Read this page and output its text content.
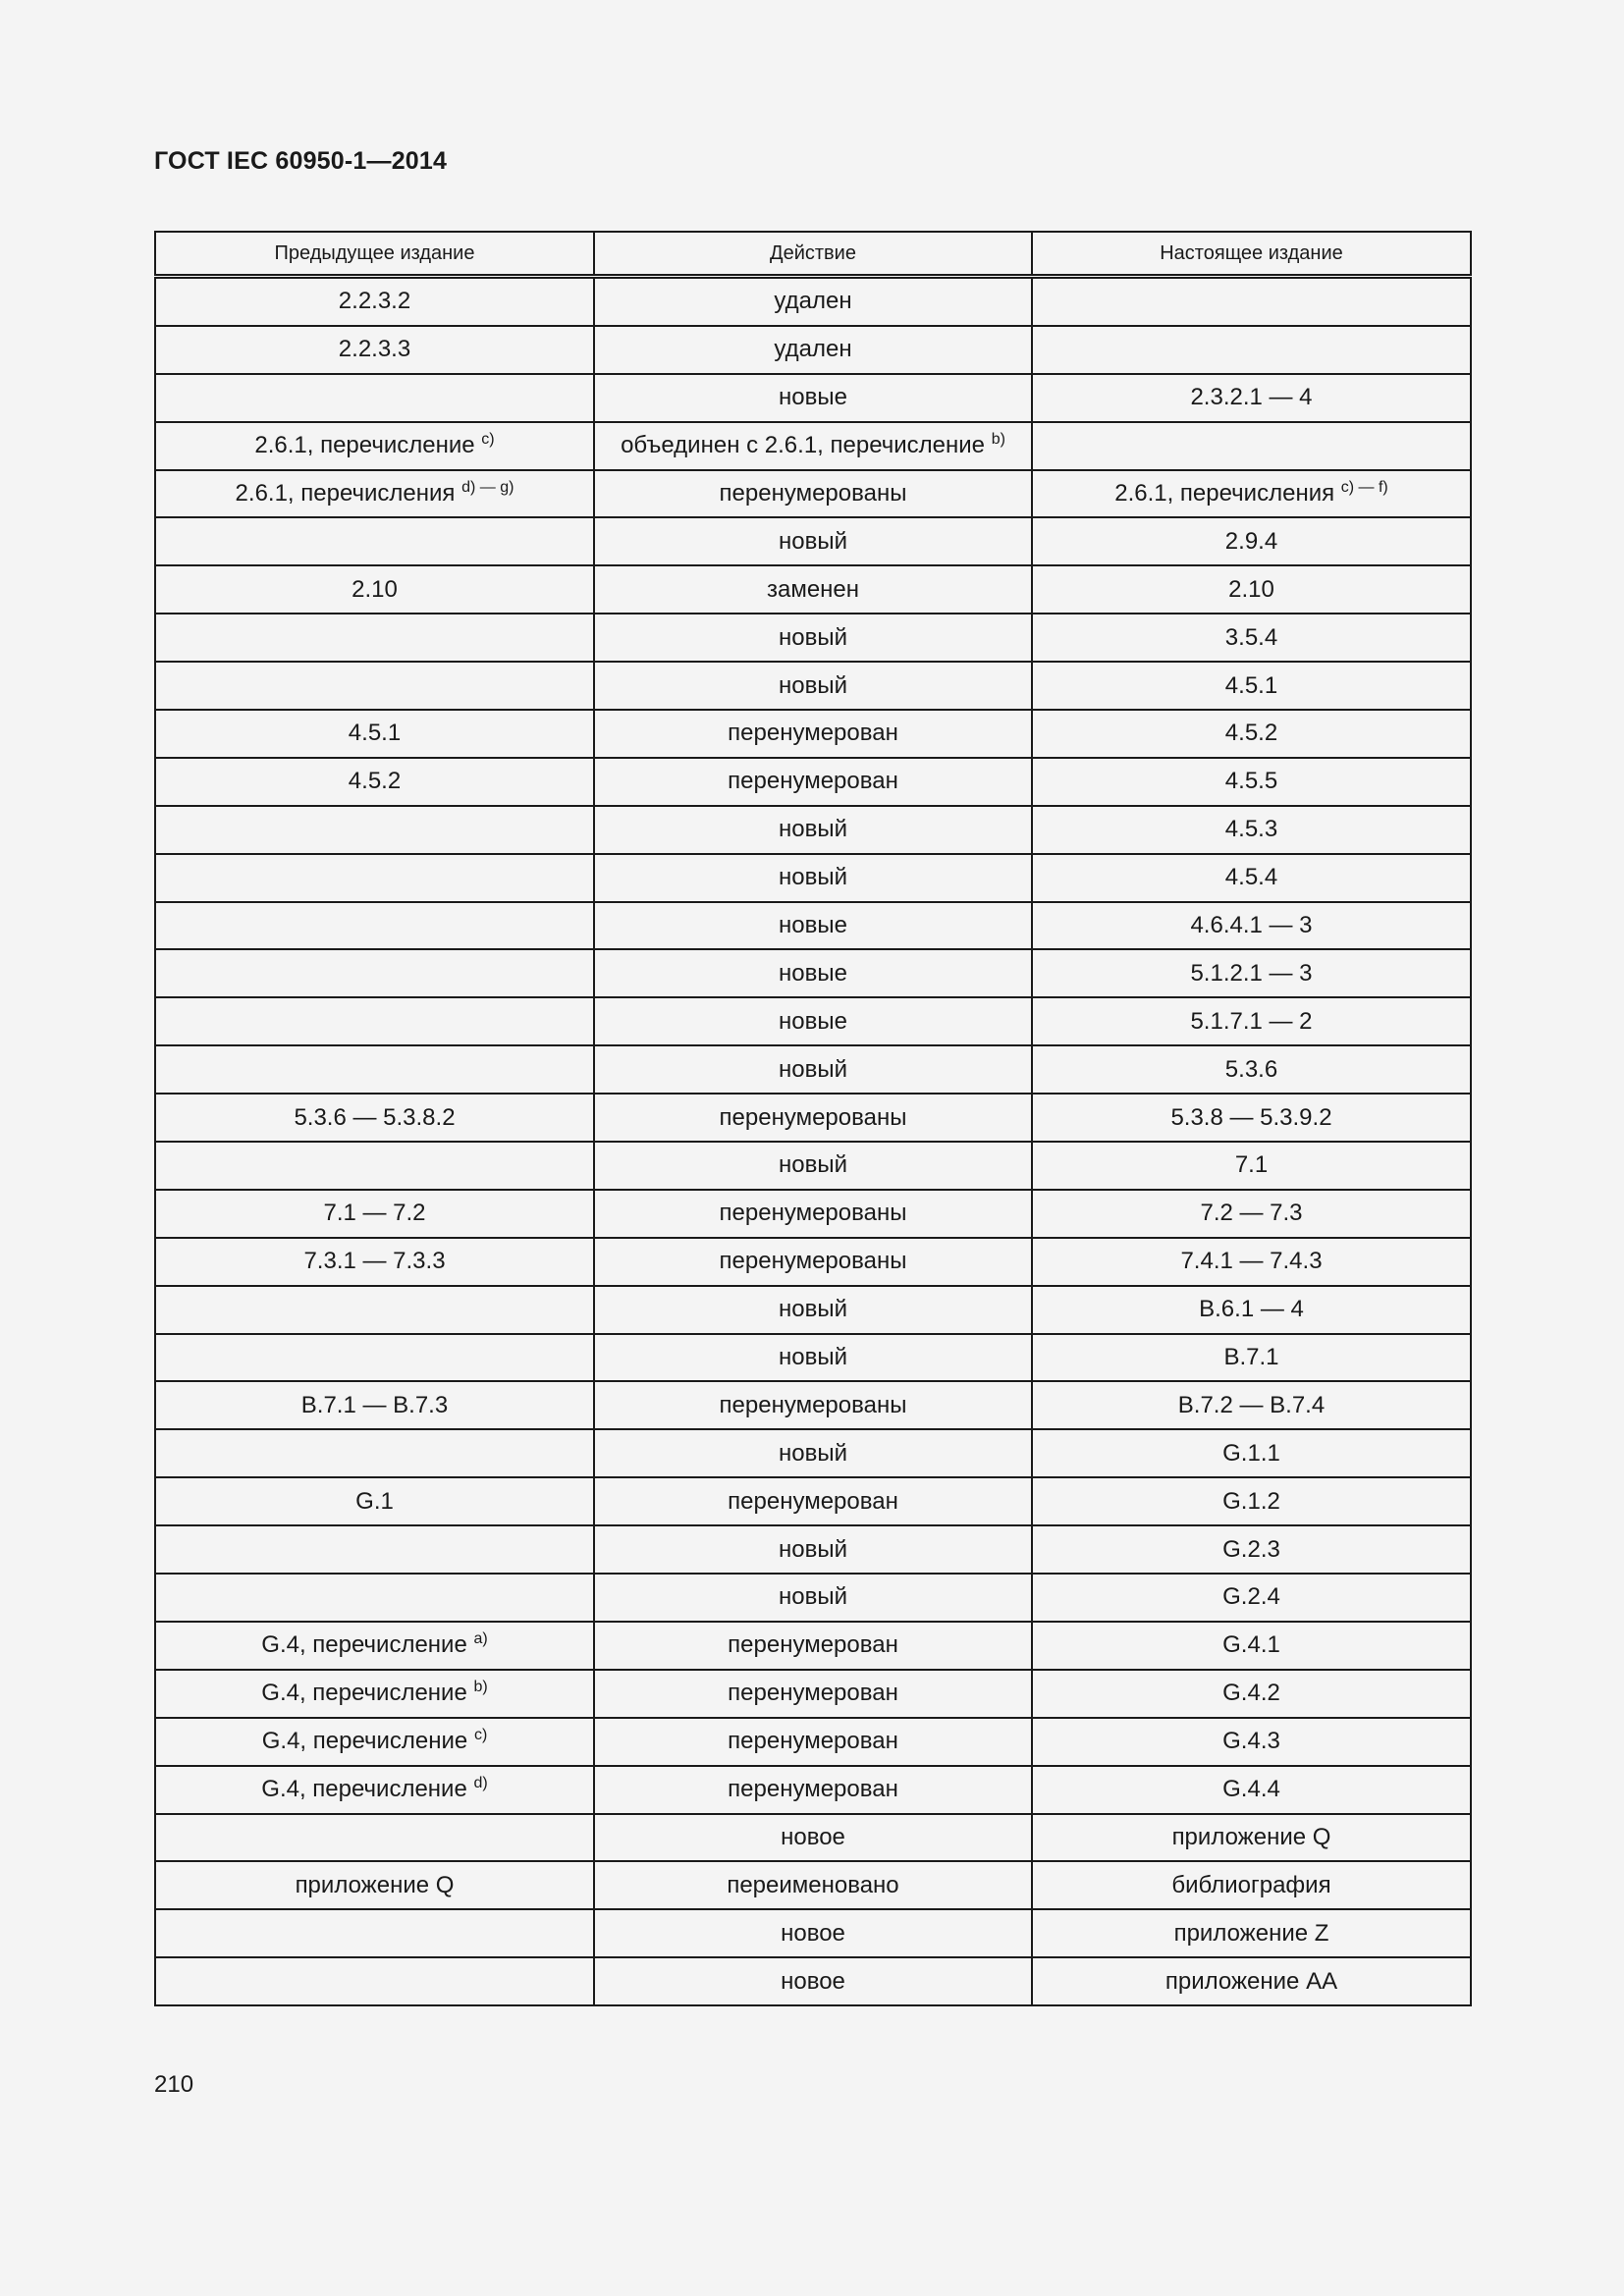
ГОСТ IEC 60950-1—2014
Предыдущее издание	Действие	Настоящее издание
2.2.3.2	удален	
2.2.3.3	удален	
	новые	2.3.2.1 — 4
2.6.1, перечисление $^{c)}$	объединен с 2.6.1, перечисление $^{b)}$	
2.6.1, перечисления $^{d) — g)}$	перенумерованы	2.6.1, перечисления $^{c) — f)}$
	новый	2.9.4
2.10	заменен	2.10
	новый	3.5.4
	новый	4.5.1
4.5.1	перенумерован	4.5.2
4.5.2	перенумерован	4.5.5
	новый	4.5.3
	новый	4.5.4
	новые	4.6.4.1 — 3
	новые	5.1.2.1 — 3
	новые	5.1.7.1 — 2
	новый	5.3.6
5.3.6 — 5.3.8.2	перенумерованы	5.3.8 — 5.3.9.2
	новый	7.1
7.1 — 7.2	перенумерованы	7.2 — 7.3
7.3.1 — 7.3.3	перенумерованы	7.4.1 — 7.4.3
	новый	B.6.1 — 4
	новый	B.7.1
B.7.1 — B.7.3	перенумерованы	B.7.2 — B.7.4
	новый	G.1.1
G.1	перенумерован	G.1.2
	новый	G.2.3
	новый	G.2.4
G.4, перечисление $^{a)}$	перенумерован	G.4.1
G.4, перечисление $^{b)}$	перенумерован	G.4.2
G.4, перечисление $^{c)}$	перенумерован	G.4.3
G.4, перечисление $^{d)}$	перенумерован	G.4.4
	новое	приложение Q
приложение Q	переименовано	библиография
	новое	приложение Z
	новое	приложение AA
210
